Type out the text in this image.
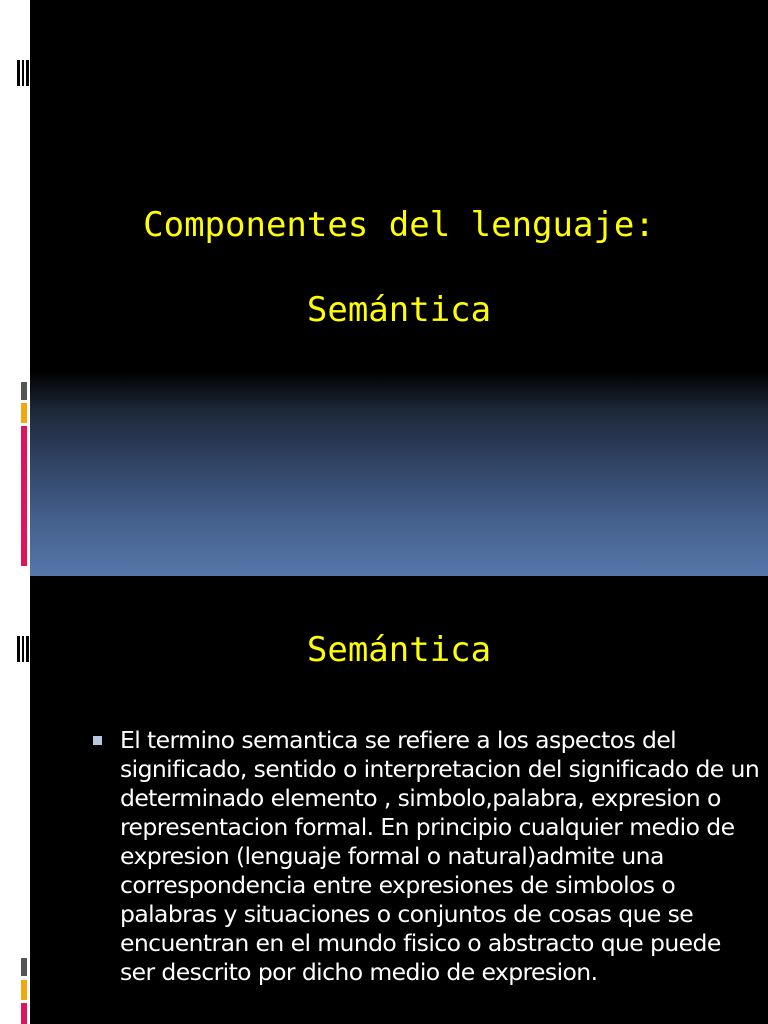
Componentes del lenguaje:
Semántica
Semántica
El termino semantica se refiere a los aspectos del significado, sentido o interpretacion del significado de un determinado elemento , simbolo,palabra, expresion o representacion formal. En principio cualquier medio de expresion (lenguaje formal o natural)admite una correspondencia entre expresiones de simbolos o palabras y situaciones o conjuntos de cosas que se encuentran en el mundo fisico o abstracto que puede ser descrito por dicho medio de expresion.
